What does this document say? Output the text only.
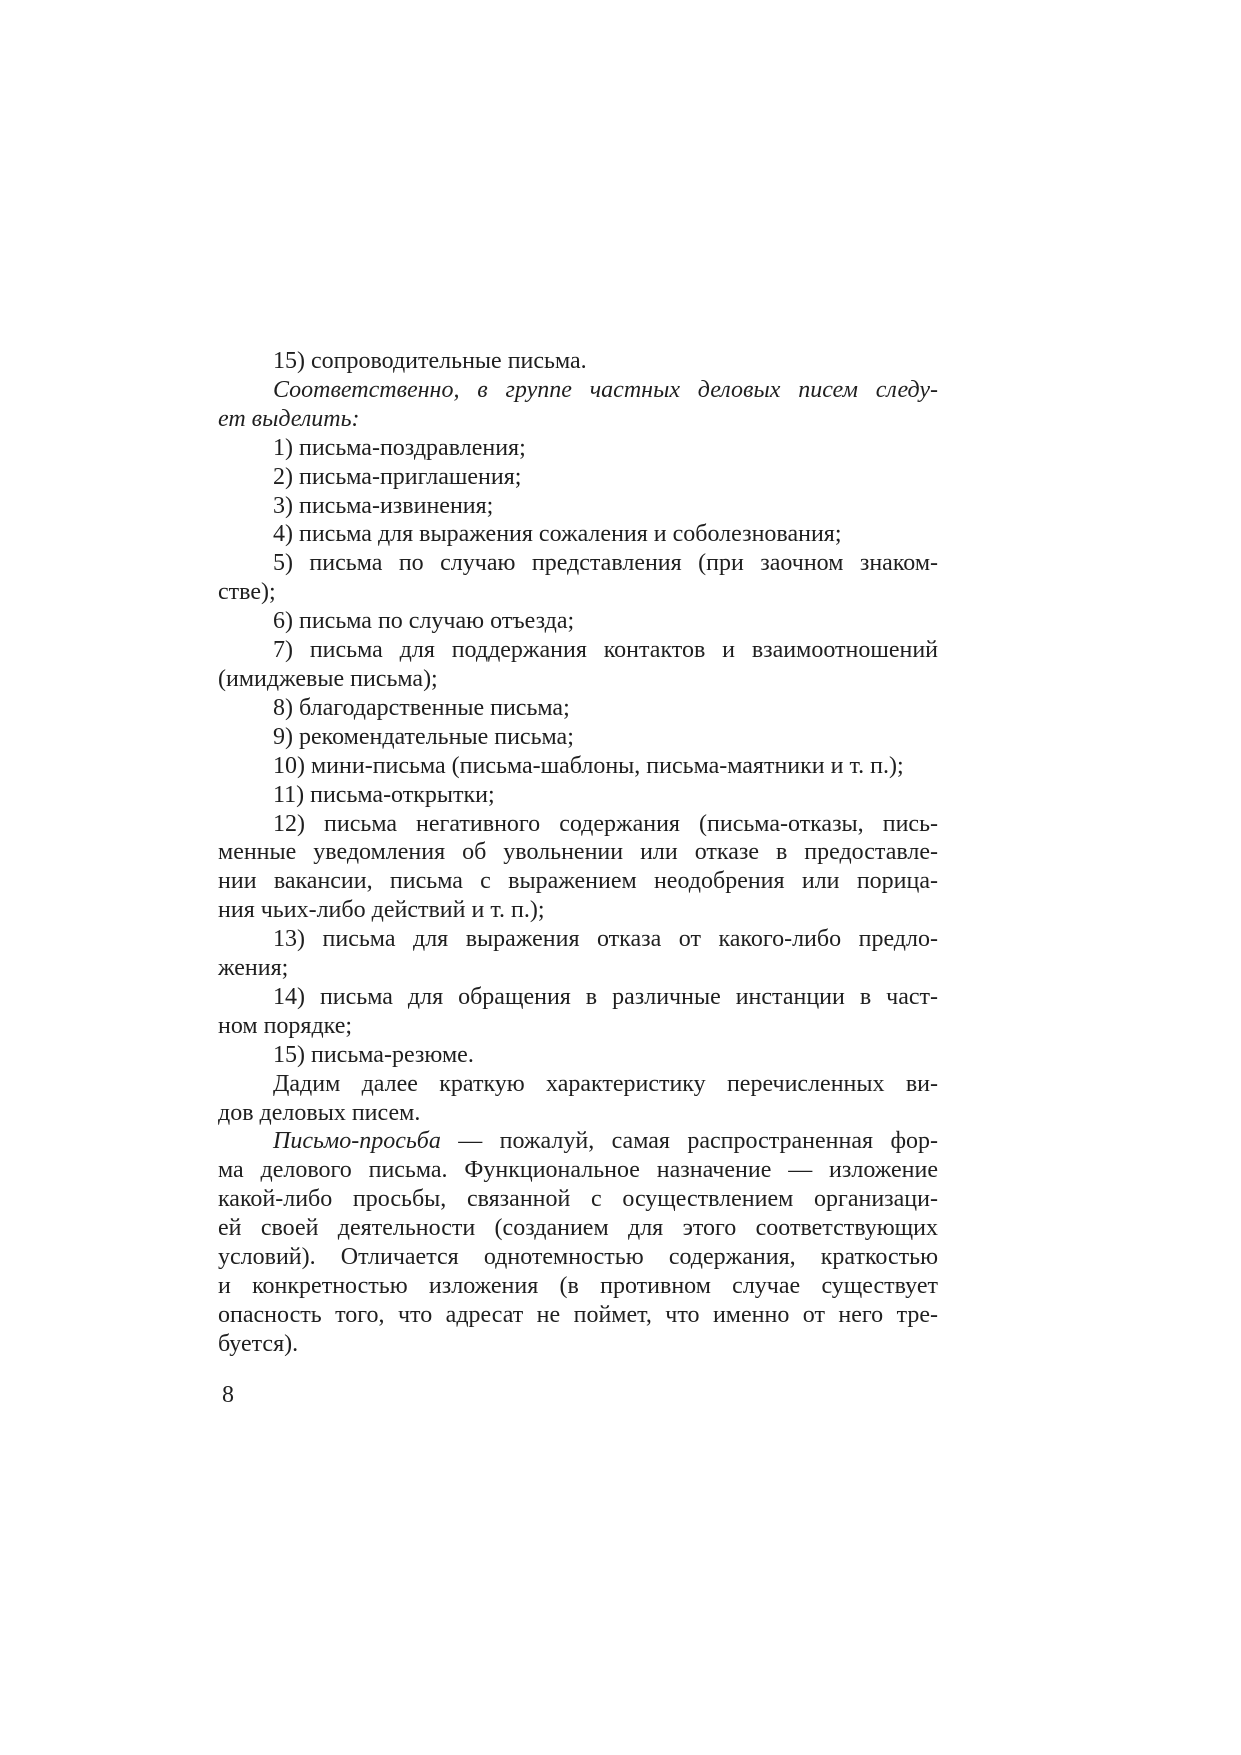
15) сопроводительные письма.
Соответственно, в группе частных деловых писем следу-
ет выделить:
1) письма-поздравления;
2) письма-приглашения;
3) письма-извинения;
4) письма для выражения сожаления и соболезнования;
5) письма по случаю представления (при заочном знаком-
стве);
6) письма по случаю отъезда;
7) письма для поддержания контактов и взаимоотношений
(имиджевые письма);
8) благодарственные письма;
9) рекомендательные письма;
10) мини-письма (письма-шаблоны, письма-маятники и т. п.);
11) письма-открытки;
12) письма негативного содержания (письма-отказы, пись-
менные уведомления об увольнении или отказе в предоставле-
нии вакансии, письма с выражением неодобрения или порица-
ния чьих-либо действий и т. п.);
13) письма для выражения отказа от какого-либо предло-
жения;
14) письма для обращения в различные инстанции в част-
ном порядке;
15) письма-резюме.
Дадим далее краткую характеристику перечисленных ви-
дов деловых писем.
Письмо-просьба — пожалуй, самая распространенная фор-
ма делового письма. Функциональное назначение — изложение
какой-либо просьбы, связанной с осуществлением организаци-
ей своей деятельности (созданием для этого соответствующих
условий). Отличается однотемностью содержания, краткостью
и конкретностью изложения (в противном случае существует
опасность того, что адресат не поймет, что именно от него тре-
буется).
8
